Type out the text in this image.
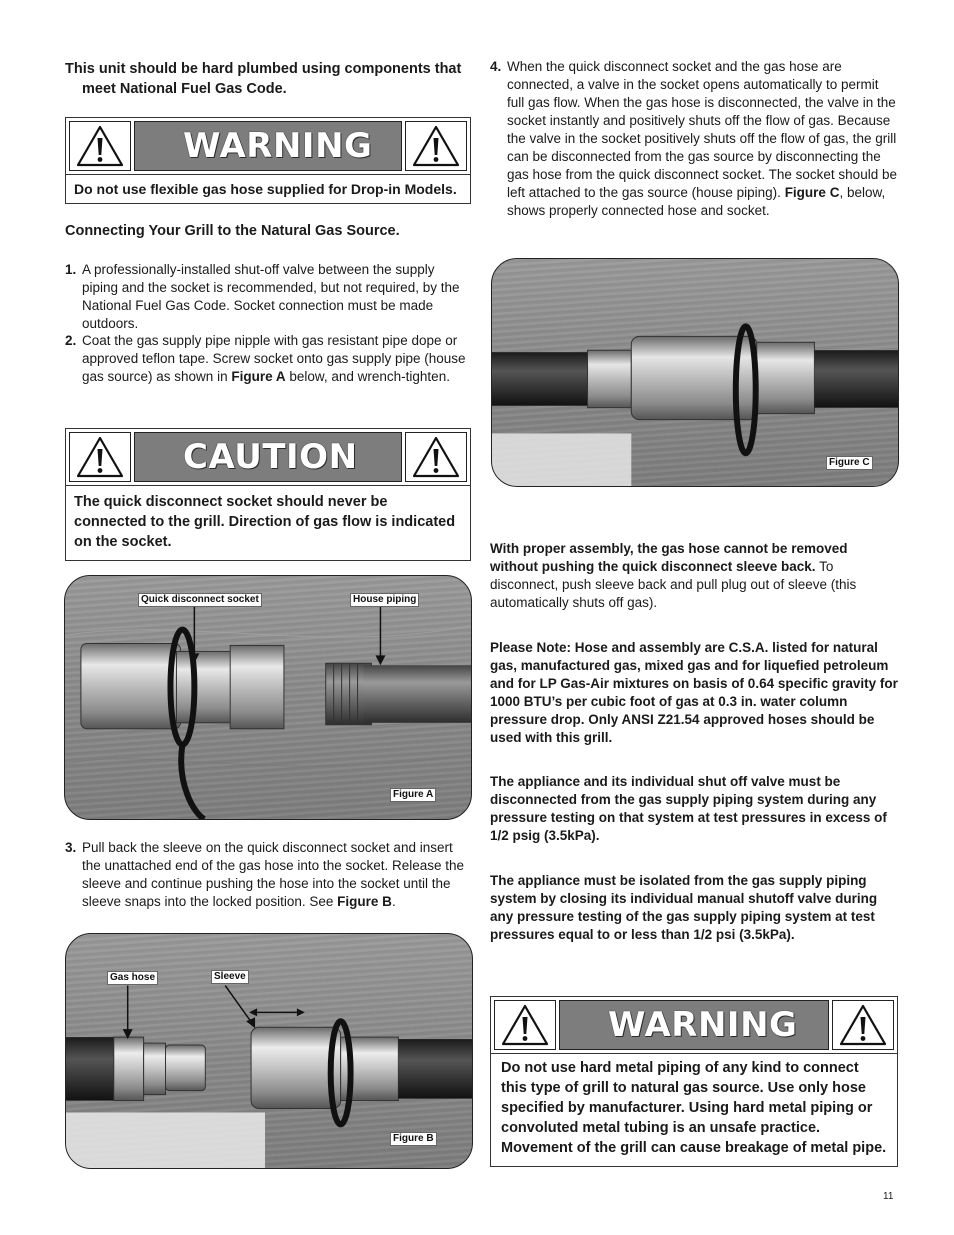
This unit should be hard plumbed using components that meet National Fuel Gas Code.
WARNING
Do not use flexible gas hose supplied for Drop-in Models.
Connecting Your Grill to the Natural Gas Source.
1. A professionally-installed shut-off valve between the supply piping and the socket is recommended, but not required, by the National Fuel Gas Code. Socket connection must be made outdoors.
2. Coat the gas supply pipe nipple with gas resistant pipe dope or approved teflon tape. Screw socket onto gas supply pipe (house gas source) as shown in Figure A below, and wrench-tighten.
CAUTION
The quick disconnect socket should never be connected to the grill. Direction of gas flow is indicated on the socket.
Quick disconnect socket	House piping
Figure A
3. Pull back the sleeve on the quick disconnect socket and insert the unattached end of the gas hose into the socket. Release the sleeve and continue pushing the hose into the socket until the sleeve snaps into the locked position. See Figure B.
Gas hose	Sleeve
Figure B
4. When the quick disconnect socket and the gas hose are connected, a valve in the socket opens automatically to permit full gas flow. When the gas hose is disconnected, the valve in the socket instantly and positively shuts off the flow of gas. Because the valve in the socket positively shuts off the flow of gas, the grill can be disconnected from the gas source by disconnecting the gas hose from the quick disconnect socket. The socket should be left attached to the gas source (house piping). Figure C, below, shows properly connected hose and socket.
Figure C
With proper assembly, the gas hose cannot be removed without pushing the quick disconnect sleeve back. To disconnect, push sleeve back and pull plug out of sleeve (this automatically shuts off gas).
Please Note: Hose and assembly are C.S.A. listed for natural gas, manufactured gas, mixed gas and for liquefied petroleum and for LP Gas-Air mixtures on basis of 0.64 specific gravity for 1000 BTU’s per cubic foot of gas at 0.3 in. water column pressure drop. Only ANSI Z21.54 approved hoses should be used with this grill.
The appliance and its individual shut off valve must be disconnected from the gas supply piping system during any pressure testing on that system at test pressures in excess of 1/2 psig (3.5kPa).
The appliance must be isolated from the gas supply piping system by closing its individual manual shutoff valve during any pressure testing of the gas supply piping system at test pressures equal to or less than 1/2 psi (3.5kPa).
WARNING
Do not use hard metal piping of any kind to connect this type of grill to natural gas source. Use only hose specified by manufacturer. Using hard metal piping or convoluted metal tubing is an unsafe practice. Movement of the grill can cause breakage of metal pipe.
11
